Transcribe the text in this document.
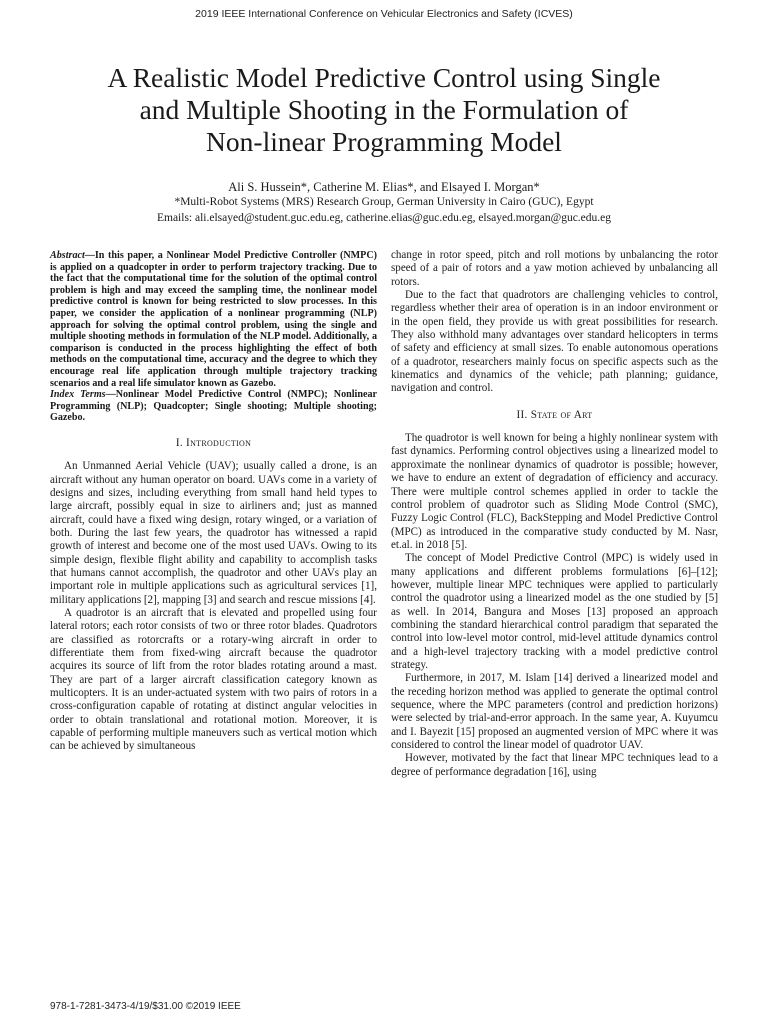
2019 IEEE International Conference on Vehicular Electronics and Safety (ICVES)
A Realistic Model Predictive Control using Single
and Multiple Shooting in the Formulation of
Non-linear Programming Model
Ali S. Hussein*, Catherine M. Elias*, and Elsayed I. Morgan*
*Multi-Robot Systems (MRS) Research Group, German University in Cairo (GUC), Egypt
Emails: ali.elsayed@student.guc.edu.eg, catherine.elias@guc.edu.eg, elsayed.morgan@guc.edu.eg

Abstract—In this paper, a Nonlinear Model Predictive Controller (NMPC) is applied on a quadcopter in order to perform trajectory tracking. Due to the fact that the computational time for the solution of the optimal control problem is high and may exceed the sampling time, the nonlinear model predictive control is known for being restricted to slow processes. In this paper, we consider the application of a nonlinear programming (NLP) approach for solving the optimal control problem, using the single and multiple shooting methods in formulation of the NLP model. Additionally, a comparison is conducted in the process highlighting the effect of both methods on the computational time, accuracy and the degree to which they encourage real life application through multiple trajectory tracking scenarios and a real life simulator known as Gazebo.

Index Terms—Nonlinear Model Predictive Control (NMPC); Nonlinear Programming (NLP); Quadcopter; Single shooting; Multiple shooting; Gazebo.

I. Introduction

An Unmanned Aerial Vehicle (UAV); usually called a drone, is an aircraft without any human operator on board. UAVs come in a variety of designs and sizes, including everything from small hand held types to large aircraft, possibly equal in size to airliners and; just as manned aircraft, could have a fixed wing design, rotary winged, or a variation of both. During the last few years, the quadrotor has witnessed a rapid growth of interest and become one of the most used UAVs. Owing to its simple design, flexible flight ability and capability to accomplish tasks that humans cannot accomplish, the quadrotor and other UAVs play an important role in multiple applications such as agricultural services [1], military applications [2], mapping [3] and search and rescue missions [4].

A quadrotor is an aircraft that is elevated and propelled using four lateral rotors; each rotor consists of two or three rotor blades. Quadrotors are classified as rotorcrafts or a rotary-wing aircraft in order to differentiate them from fixed-wing aircraft because the quadrotor acquires its source of lift from the rotor blades rotating around a mast. They are part of a larger aircraft classification category known as multicopters. It is an under-actuated system with two pairs of rotors in a cross-configuration capable of rotating at distinct angular velocities in order to obtain translational and rotational motion. Moreover, it is capable of performing multiple maneuvers such as vertical motion which can be achieved by simultaneous

change in rotor speed, pitch and roll motions by unbalancing the rotor speed of a pair of rotors and a yaw motion achieved by unbalancing all rotors.

Due to the fact that quadrotors are challenging vehicles to control, regardless whether their area of operation is in an indoor environment or in the open field, they provide us with great possibilities for research. They also withhold many advantages over standard helicopters in terms of safety and efficiency at small sizes. To enable autonomous operations of a quadrotor, researchers mainly focus on specific aspects such as the kinematics and dynamics of the vehicle; path planning; guidance, navigation and control.

II. State of Art

The quadrotor is well known for being a highly nonlinear system with fast dynamics. Performing control objectives using a linearized model to approximate the nonlinear dynamics of quadrotor is possible; however, we have to endure an extent of degradation of efficiency and accuracy. There were multiple control schemes applied in order to tackle the control problem of quadrotor such as Sliding Mode Control (SMC), Fuzzy Logic Control (FLC), BackStepping and Model Predictive Control (MPC) as introduced in the comparative study conducted by M. Nasr, et.al. in 2018 [5].

The concept of Model Predictive Control (MPC) is widely used in many applications and different problems formulations [6]–[12]; however, multiple linear MPC techniques were applied to particularly control the quadrotor using a linearized model as the one studied by [5] as well. In 2014, Bangura and Moses [13] proposed an approach combining the standard hierarchical control paradigm that separated the control into low-level motor control, mid-level attitude dynamics control and a high-level trajectory tracking with a model predictive control strategy.

Furthermore, in 2017, M. Islam [14] derived a linearized model and the receding horizon method was applied to generate the optimal control sequence, where the MPC parameters (control and prediction horizons) were selected by trial-and-error approach. In the same year, A. Kuyumcu and I. Bayezit [15] proposed an augmented version of MPC where it was considered to control the linear model of quadrotor UAV.

However, motivated by the fact that linear MPC techniques lead to a degree of performance degradation [16], using

978-1-7281-3473-4/19/$31.00 ©2019 IEEE
